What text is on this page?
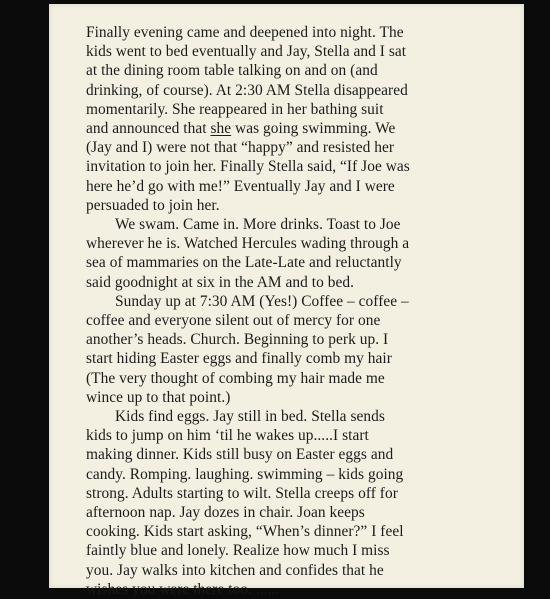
Finally evening came and deepened into night. The
kids went to bed eventually and Jay, Stella and I sat
at the dining room table talking on and on (and
drinking, of course). At 2:30 AM Stella disappeared
momentarily. She reappeared in her bathing suit
and announced that she was going swimming. We
(Jay and I) were not that “happy” and resisted her
invitation to join her. Finally Stella said, “If Joe was
here he’d go with me!” Eventually Jay and I were
persuaded to join her.
We swam. Came in. More drinks. Toast to Joe
wherever he is. Watched Hercules wading through a
sea of mammaries on the Late-Late and reluctantly
said goodnight at six in the AM and to bed.
Sunday up at 7:30 AM (Yes!) Coffee – coffee –
coffee and everyone silent out of mercy for one
another’s heads. Church. Beginning to perk up. I
start hiding Easter eggs and finally comb my hair
(The very thought of combing my hair made me
wince up to that point.)
Kids find eggs. Jay still in bed. Stella sends
kids to jump on him ‘til he wakes up.....I start
making dinner. Kids still busy on Easter eggs and
candy. Romping. laughing. swimming – kids going
strong. Adults starting to wilt. Stella creeps off for
afternoon nap. Jay dozes in chair. Joan keeps
cooking. Kids start asking, “When’s dinner?” I feel
faintly blue and lonely. Realize how much I miss
you. Jay walks into kitchen and confides that he
wishes you were there too. ......
